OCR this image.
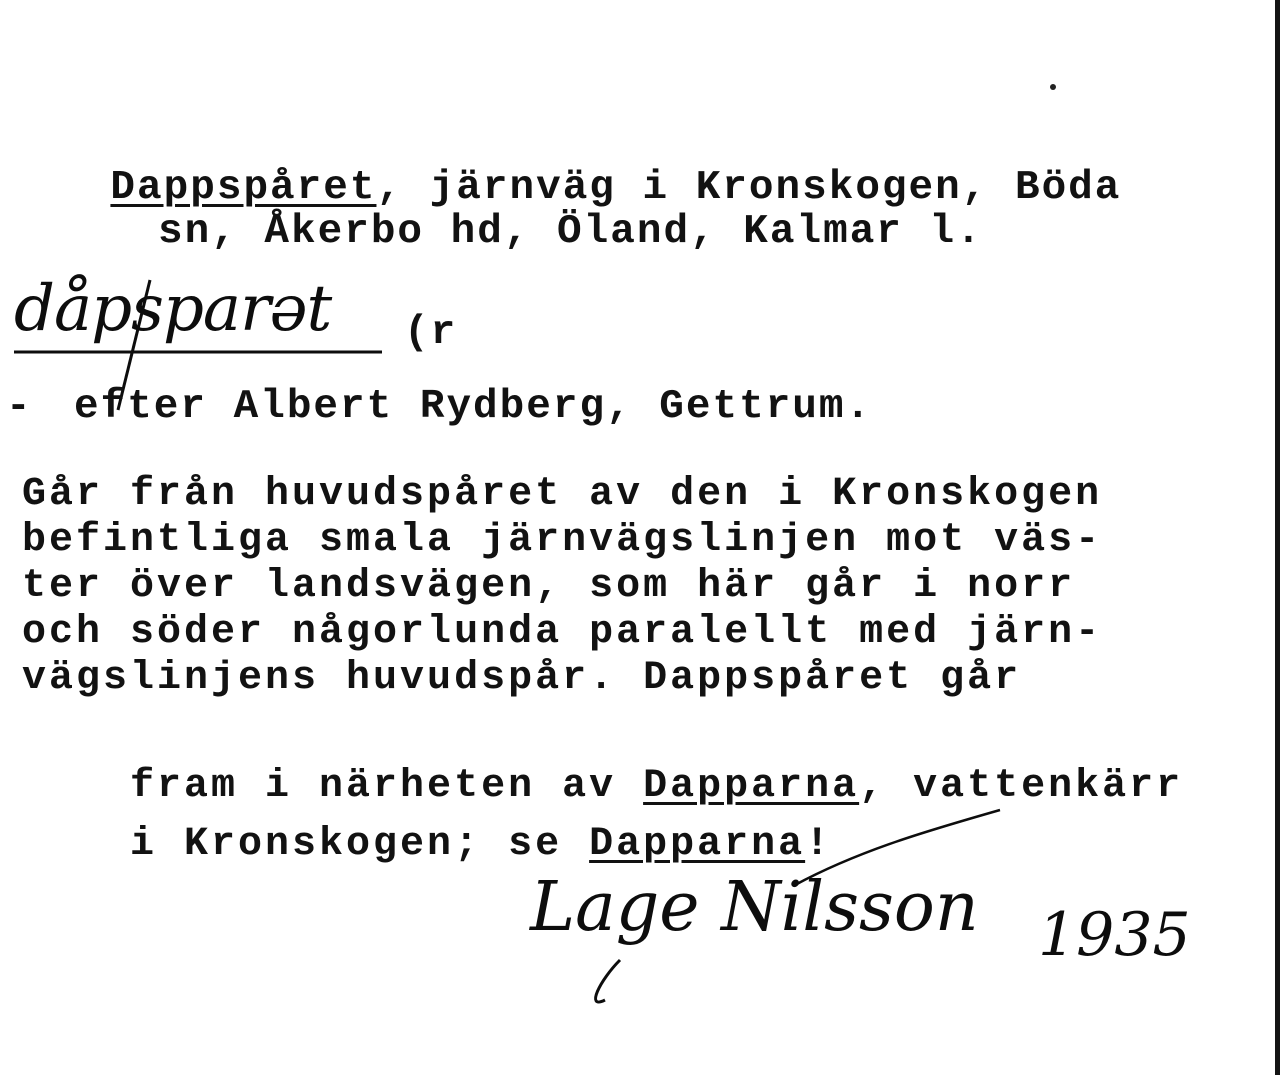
Dappspåret, järnväg i Kronskogen, Böda

sn, Åkerbo hd, Öland, Kalmar l.
dåpsparәt (r
- efter Albert Rydberg, Gettrum.
Går från huvudspåret av den i Kronskogen
befintliga smala järnvägslinjen mot väs-
ter över landsvägen, som här går i norr
och söder någorlunda paralellt med järn-
vägslinjens huvudspår. Dappspåret går

fram i närheten av Dapparna, vattenkärr

i Kronskogen; se Dapparna!

Lage Nilsson 1935
